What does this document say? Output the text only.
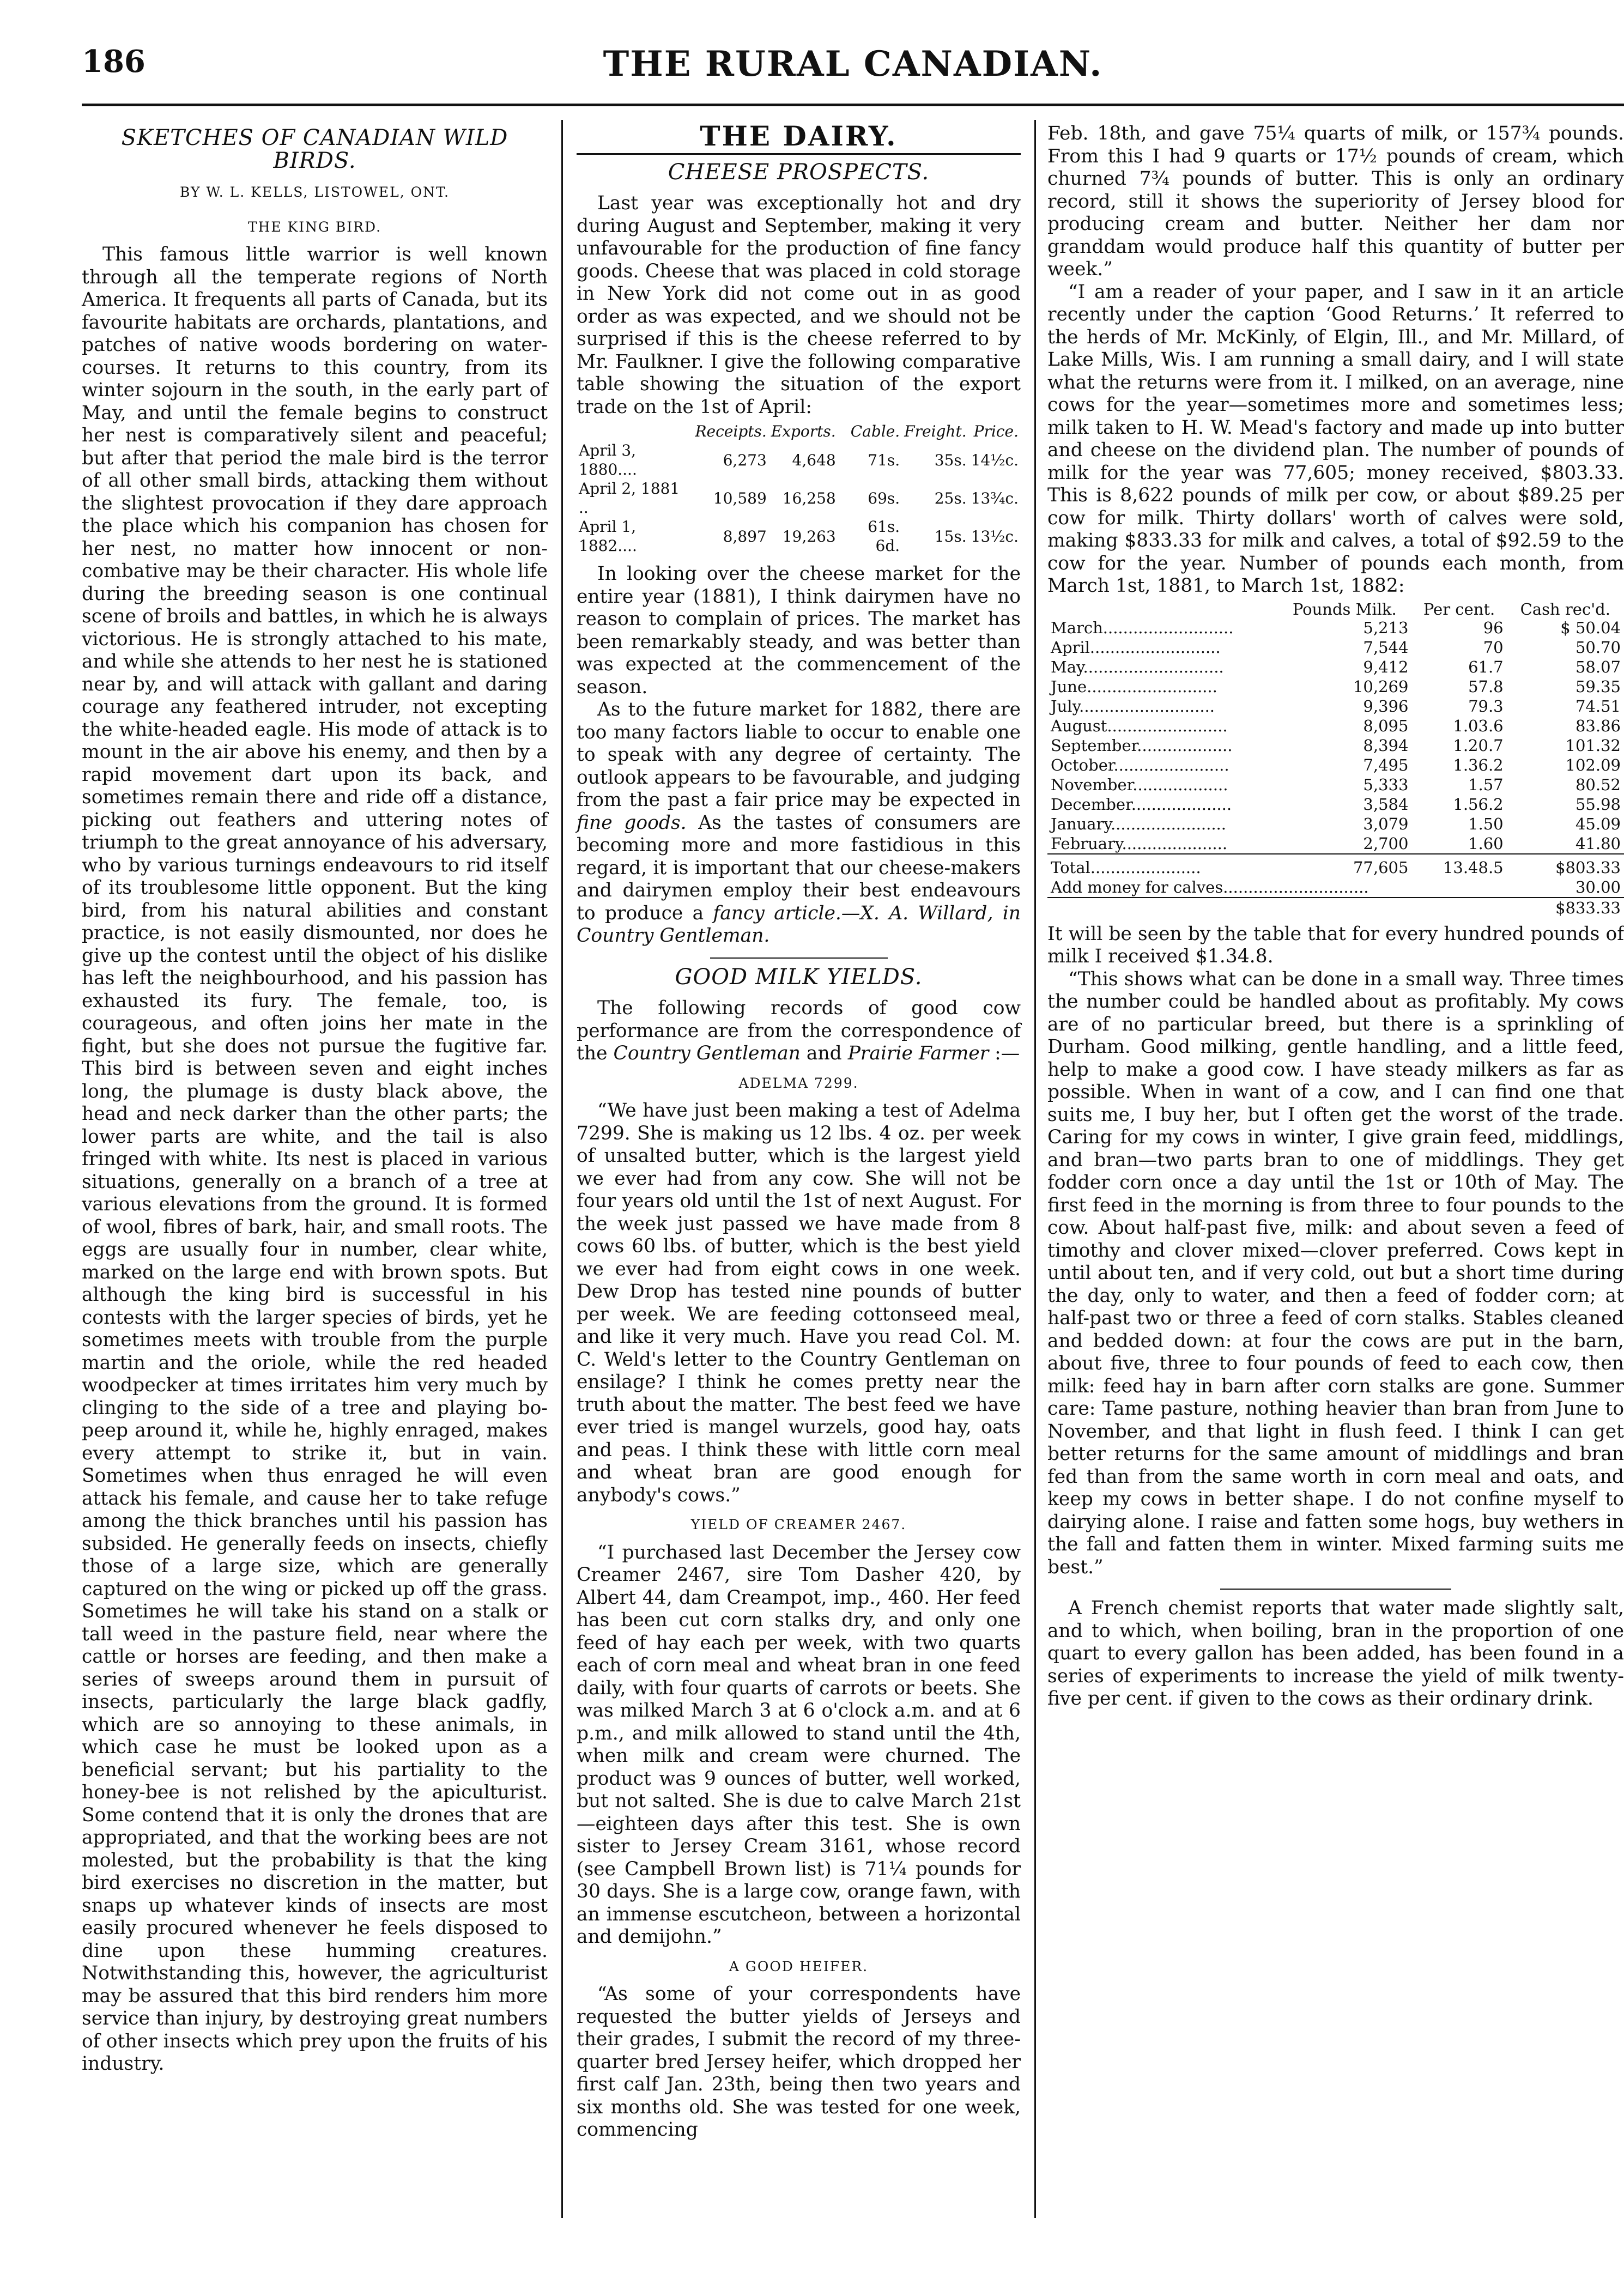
186	THE RURAL CANADIAN.
SKETCHES OF CANADIAN WILD BIRDS.
BY W. L. KELLS, LISTOWEL, ONT.
THE KING BIRD.

This famous little warrior is well known through all the temperate regions of North America. It frequents all parts of Canada, but its favourite habitats are orchards, plantations, and patches of native woods bordering on water-courses. It returns to this country, from its winter sojourn in the south, in the early part of May, and until the female begins to construct her nest is comparatively silent and peaceful; but after that period the male bird is the terror of all other small birds, attacking them without the slightest provocation if they dare approach the place which his companion has chosen for her nest, no matter how innocent or non-combative may be their character. His whole life during the breeding season is one continual scene of broils and battles, in which he is always victorious. He is strongly attached to his mate, and while she attends to her nest he is stationed near by, and will attack with gallant and daring courage any feathered intruder, not excepting the white-headed eagle. His mode of attack is to mount in the air above his enemy, and then by a rapid movement dart upon its back, and sometimes remain there and ride off a distance, picking out feathers and uttering notes of triumph to the great annoyance of his adversary, who by various turnings endeavours to rid itself of its troublesome little opponent. But the king bird, from his natural abilities and constant practice, is not easily dismounted, nor does he give up the contest until the object of his dislike has left the neighbourhood, and his passion has exhausted its fury. The female, too, is courageous, and often joins her mate in the fight, but she does not pursue the fugitive far. This bird is between seven and eight inches long, the plumage is dusty black above, the head and neck darker than the other parts; the lower parts are white, and the tail is also fringed with white. Its nest is placed in various situations, generally on a branch of a tree at various elevations from the ground. It is formed of wool, fibres of bark, hair, and small roots. The eggs are usually four in number, clear white, marked on the large end with brown spots. But although the king bird is successful in his contests with the larger species of birds, yet he sometimes meets with trouble from the purple martin and the oriole, while the red headed woodpecker at times irritates him very much by clinging to the side of a tree and playing bo-peep around it, while he, highly enraged, makes every attempt to strike it, but in vain. Sometimes when thus enraged he will even attack his female, and cause her to take refuge among the thick branches until his passion has subsided. He generally feeds on insects, chiefly those of a large size, which are generally captured on the wing or picked up off the grass. Sometimes he will take his stand on a stalk or tall weed in the pasture field, near where the cattle or horses are feeding, and then make a series of sweeps around them in pursuit of insects, particularly the large black gadfly, which are so annoying to these animals, in which case he must be looked upon as a beneficial servant; but his partiality to the honey-bee is not relished by the apiculturist. Some contend that it is only the drones that are appropriated, and that the working bees are not molested, but the probability is that the king bird exercises no discretion in the matter, but snaps up whatever kinds of insects are most easily procured whenever he feels disposed to dine upon these humming creatures. Notwithstanding this, however, the agriculturist may be assured that this bird renders him more service than injury, by destroying great numbers of other insects which prey upon the fruits of his industry.

THE DAIRY.
CHEESE PROSPECTS.

Last year was exceptionally hot and dry during August and September, making it very unfavourable for the production of fine fancy goods. Cheese that was placed in cold storage in New York did not come out in as good order as was expected, and we should not be surprised if this is the cheese referred to by Mr. Faulkner. I give the following comparative table showing the situation of the export trade on the 1st of April:

	Receipts.	Exports.	Cable.	Freight.	Price.
April 3, 1880....	6,273	4,648	71s.	35s.	14½c.
April 2, 1881 ..	10,589	16,258	69s.	25s.	13¾c.
April 1, 1882....	8,897	19,263	61s. 6d.	15s.	13½c.

In looking over the cheese market for the entire year (1881), I think dairymen have no reason to complain of prices. The market has been remarkably steady, and was better than was expected at the commencement of the season.

As to the future market for 1882, there are too many factors liable to occur to enable one to speak with any degree of certainty. The outlook appears to be favourable, and judging from the past a fair price may be expected in fine goods. As the tastes of consumers are becoming more and more fastidious in this regard, it is important that our cheese-makers and dairymen employ their best endeavours to produce a fancy article.—X. A. Willard, in Country Gentleman.

GOOD MILK YIELDS.

The following records of good cow performance are from the correspondence of the Country Gentleman and Prairie Farmer :—

ADELMA 7299.

“We have just been making a test of Adelma 7299. She is making us 12 lbs. 4 oz. per week of unsalted butter, which is the largest yield we ever had from any cow. She will not be four years old until the 1st of next August. For the week just passed we have made from 8 cows 60 lbs. of butter, which is the best yield we ever had from eight cows in one week. Dew Drop has tested nine pounds of butter per week. We are feeding cottonseed meal, and like it very much. Have you read Col. M. C. Weld's letter to the Country Gentleman on ensilage? I think he comes pretty near the truth about the matter. The best feed we have ever tried is mangel wurzels, good hay, oats and peas. I think these with little corn meal and wheat bran are good enough for anybody's cows.”

YIELD OF CREAMER 2467.

“I purchased last December the Jersey cow Creamer 2467, sire Tom Dasher 420, by Albert 44, dam Creampot, imp., 460. Her feed has been cut corn stalks dry, and only one feed of hay each per week, with two quarts each of corn meal and wheat bran in one feed daily, with four quarts of carrots or beets. She was milked March 3 at 6 o'clock a.m. and at 6 p.m., and milk allowed to stand until the 4th, when milk and cream were churned. The product was 9 ounces of butter, well worked, but not salted. She is due to calve March 21st—eighteen days after this test. She is own sister to Jersey Cream 3161, whose record (see Campbell Brown list) is 71¼ pounds for 30 days. She is a large cow, orange fawn, with an immense escutcheon, between a horizontal and demijohn.”

A GOOD HEIFER.

“As some of your correspondents have requested the butter yields of Jerseys and their grades, I submit the record of my three-quarter bred Jersey heifer, which dropped her first calf Jan. 23th, being then two years and six months old. She was tested for one week, commencing

Feb. 18th, and gave 75¼ quarts of milk, or 157¾ pounds. From this I had 9 quarts or 17½ pounds of cream, which churned 7¾ pounds of butter. This is only an ordinary record, still it shows the superiority of Jersey blood for producing cream and butter. Neither her dam nor granddam would produce half this quantity of butter per week.”

“I am a reader of your paper, and I saw in it an article recently under the caption ‘Good Returns.’ It referred to the herds of Mr. McKinly, of Elgin, Ill., and Mr. Millard, of Lake Mills, Wis. I am running a small dairy, and I will state what the returns were from it. I milked, on an average, nine cows for the year—sometimes more and sometimes less; milk taken to H. W. Mead's factory and made up into butter and cheese on the dividend plan. The number of pounds of milk for the year was 77,605; money received, $803.33. This is 8,622 pounds of milk per cow, or about $89.25 per cow for milk. Thirty dollars' worth of calves were sold, making $833.33 for milk and calves, a total of $92.59 to the cow for the year. Number of pounds each month, from March 1st, 1881, to March 1st, 1882:

	Pounds Milk.	Per cent.	Cash rec'd.
March..........................	5,213	96	$ 50.04
April..........................	7,544	70	50.70
May............................	9,412	61.7	58.07
June..........................	10,269	57.8	59.35
July...........................	9,396	79.3	74.51
August........................	8,095	1.03.6	83.86
September...................	8,394	1.20.7	101.32
October.......................	7,495	1.36.2	102.09
November...................	5,333	1.57	80.52
December....................	3,584	1.56.2	55.98
January.......................	3,079	1.50	45.09
February.....................	2,700	1.60	41.80
Total......................	77,605	13.48.5	$803.33
Add money for calves.............................			30.00
			$833.33

It will be seen by the table that for every hundred pounds of milk I received $1.34.8.

“This shows what can be done in a small way. Three times the number could be handled about as profitably. My cows are of no particular breed, but there is a sprinkling of Durham. Good milking, gentle handling, and a little feed, help to make a good cow. I have steady milkers as far as possible. When in want of a cow, and I can find one that suits me, I buy her, but I often get the worst of the trade. Caring for my cows in winter, I give grain feed, middlings, and bran—two parts bran to one of middlings. They get fodder corn once a day until the 1st or 10th of May. The first feed in the morning is from three to four pounds to the cow. About half-past five, milk: and about seven a feed of timothy and clover mixed—clover preferred. Cows kept in until about ten, and if very cold, out but a short time during the day, only to water, and then a feed of fodder corn; at half-past two or three a feed of corn stalks. Stables cleaned and bedded down: at four the cows are put in the barn, about five, three to four pounds of feed to each cow, then milk: feed hay in barn after corn stalks are gone. Summer care: Tame pasture, nothing heavier than bran from June to November, and that light in flush feed. I think I can get better returns for the same amount of middlings and bran fed than from the same worth in corn meal and oats, and keep my cows in better shape. I do not confine myself to dairying alone. I raise and fatten some hogs, buy wethers in the fall and fatten them in winter. Mixed farming suits me best.”

A French chemist reports that water made slightly salt, and to which, when boiling, bran in the proportion of one quart to every gallon has been added, has been found in a series of experiments to increase the yield of milk twenty-five per cent. if given to the cows as their ordinary drink.
